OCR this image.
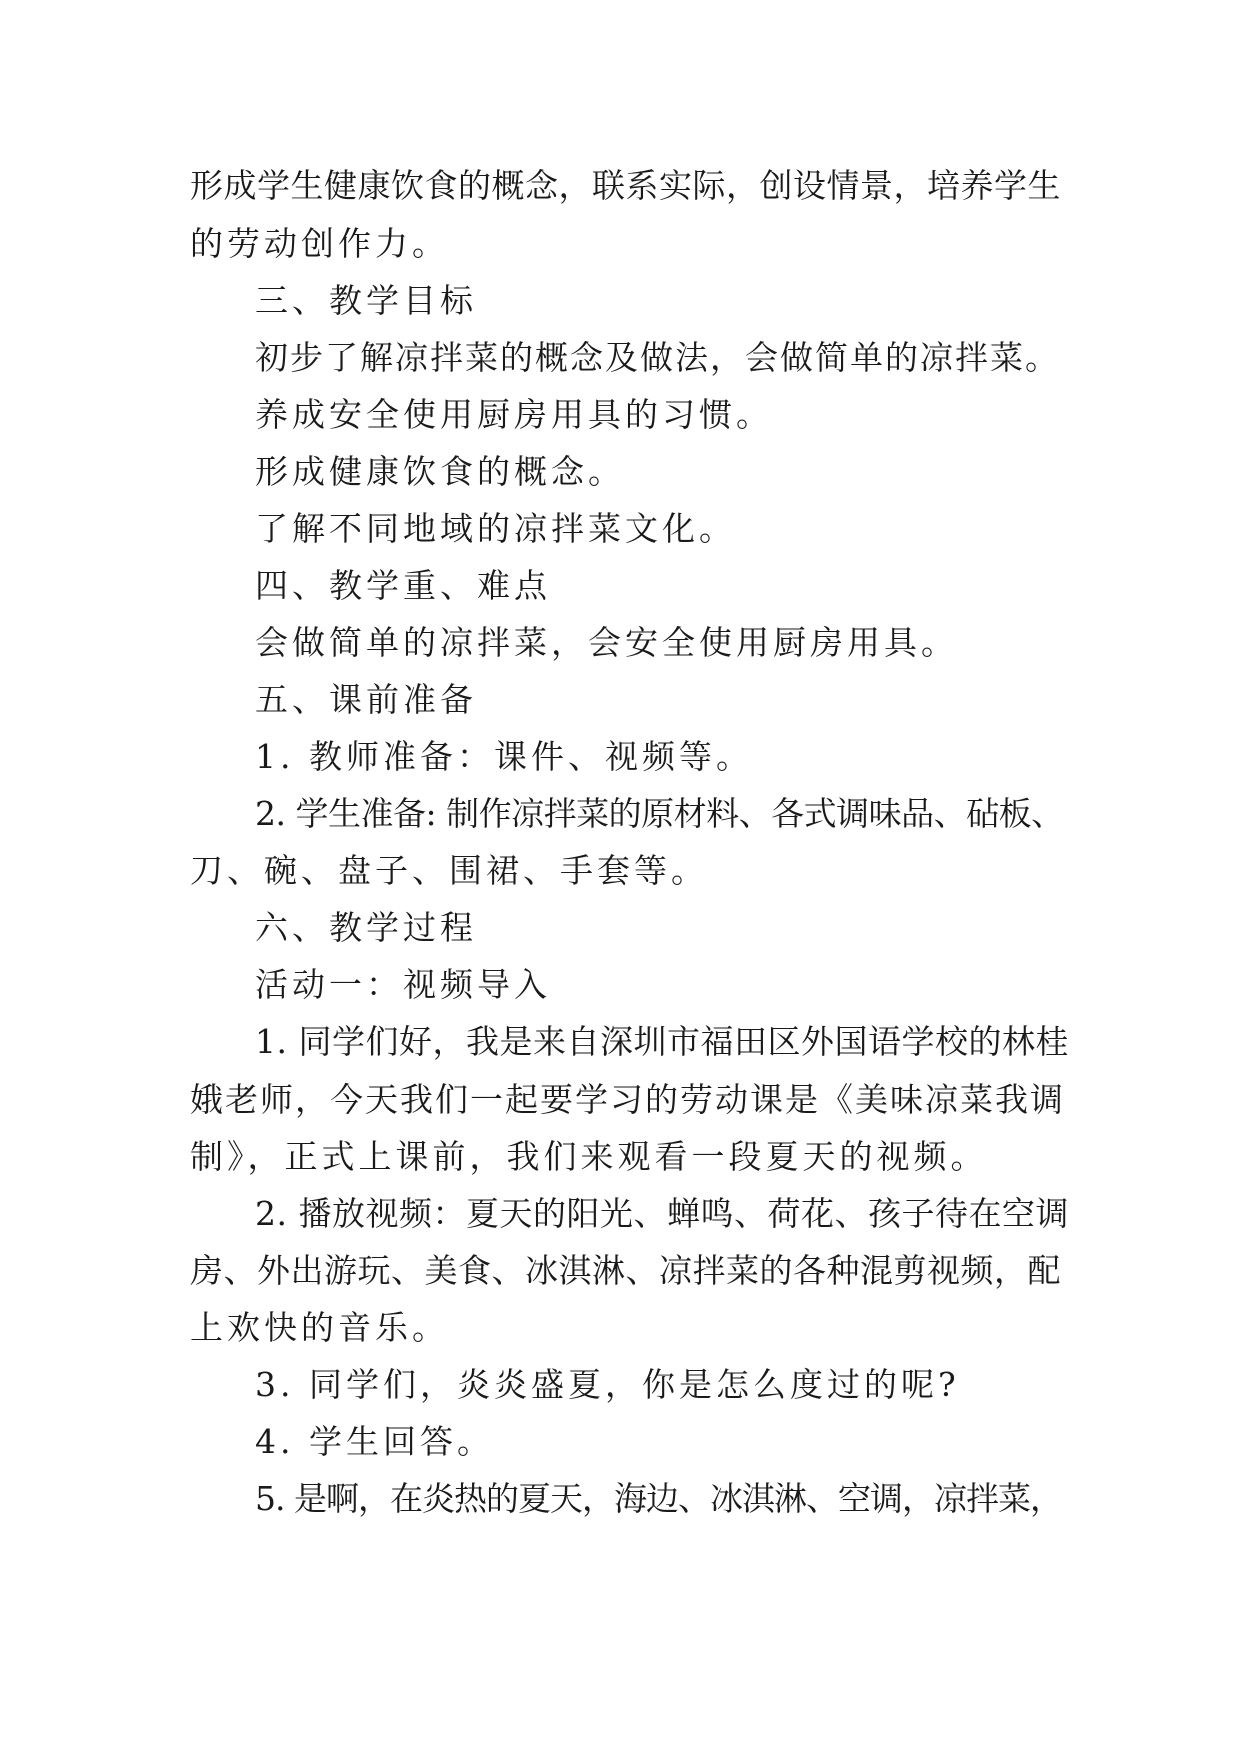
形成学生健康饮食的概念，联系实际，创设情景，培养学生

的劳动创作力。

三、教学目标

初步了解凉拌菜的概念及做法，会做简单的凉拌菜。

养成安全使用厨房用具的习惯。

形成健康饮食的概念。

了解不同地域的凉拌菜文化。

四、教学重、难点

会做简单的凉拌菜，会安全使用厨房用具。

五、课前准备

1. 教师准备：课件、视频等。

2. 学生准备: 制作凉拌菜的原材料、各式调味品、砧板、

刀、碗、盘子、围裙、手套等。

六、教学过程

活动一：视频导入

1. 同学们好，我是来自深圳市福田区外国语学校的林桂

娥老师，今天我们一起要学习的劳动课是《美味凉菜我调

制》，正式上课前，我们来观看一段夏天的视频。

2. 播放视频：夏天的阳光、蝉鸣、荷花、孩子待在空调

房、外出游玩、美食、冰淇淋、凉拌菜的各种混剪视频，配

上欢快的音乐。

3. 同学们，炎炎盛夏，你是怎么度过的呢?

4. 学生回答。

5. 是啊，在炎热的夏天，海边、冰淇淋、空调，凉拌菜，
